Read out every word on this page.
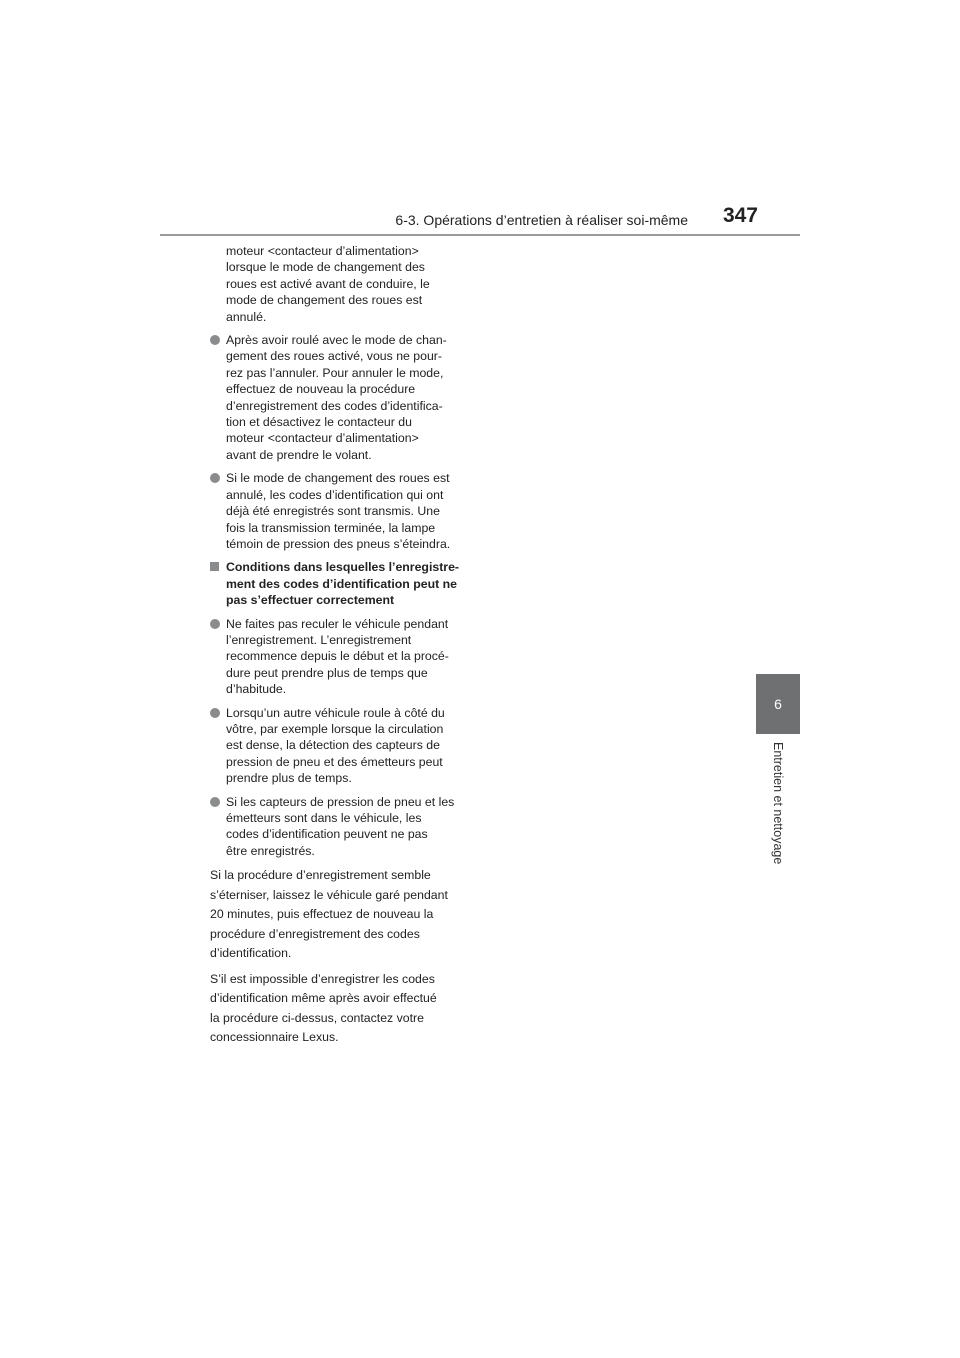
6-3. Opérations d’entretien à réaliser soi-même 347
6
Entretien et nettoyage
moteur <contacteur d’alimentation>
lorsque le mode de changement des
roues est activé avant de conduire, le
mode de changement des roues est
annulé.
Après avoir roulé avec le mode de chan-
gement des roues activé, vous ne pour-
rez pas l’annuler. Pour annuler le mode,
effectuez de nouveau la procédure
d’enregistrement des codes d’identifica-
tion et désactivez le contacteur du
moteur <contacteur d’alimentation>
avant de prendre le volant.
Si le mode de changement des roues est
annulé, les codes d’identification qui ont
déjà été enregistrés sont transmis. Une
fois la transmission terminée, la lampe
témoin de pression des pneus s’éteindra.
Conditions dans lesquelles l’enregistre-
ment des codes d’identification peut ne
pas s’effectuer correctement
Ne faites pas reculer le véhicule pendant
l’enregistrement. L’enregistrement
recommence depuis le début et la procé-
dure peut prendre plus de temps que
d’habitude.
Lorsqu’un autre véhicule roule à côté du
vôtre, par exemple lorsque la circulation
est dense, la détection des capteurs de
pression de pneu et des émetteurs peut
prendre plus de temps.
Si les capteurs de pression de pneu et les
émetteurs sont dans le véhicule, les
codes d’identification peuvent ne pas
être enregistrés.
Si la procédure d’enregistrement semble
s’éterniser, laissez le véhicule garé pendant
20 minutes, puis effectuez de nouveau la
procédure d’enregistrement des codes
d’identification.
S’il est impossible d’enregistrer les codes
d’identification même après avoir effectué
la procédure ci-dessus, contactez votre
concessionnaire Lexus.
